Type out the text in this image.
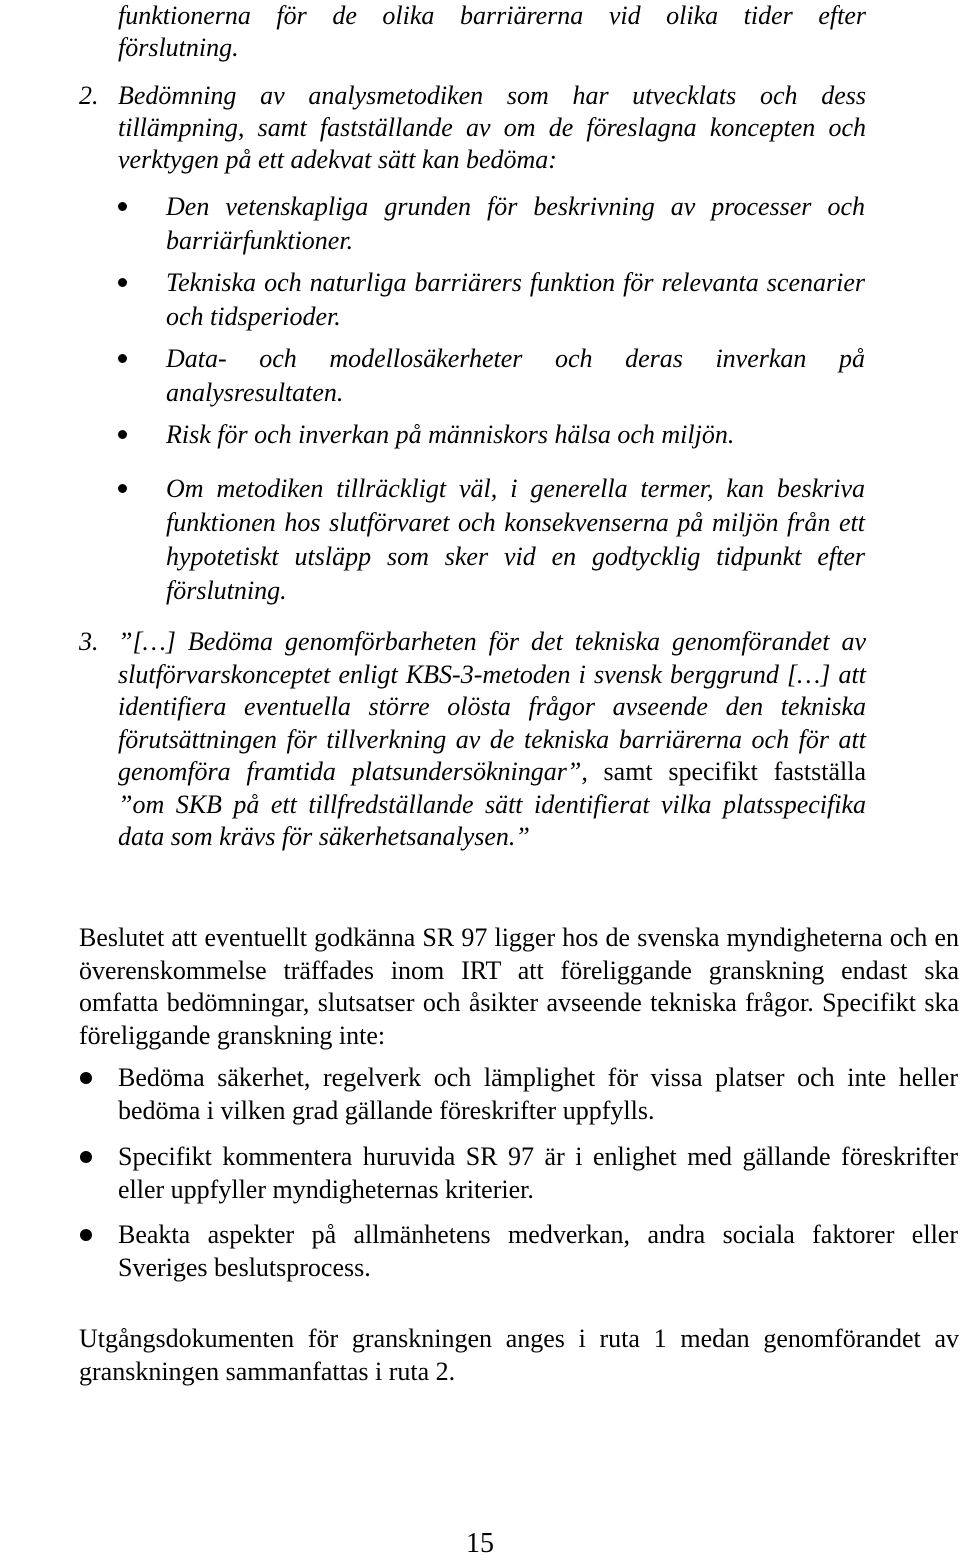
funktionerna för de olika barriärerna vid olika tider efter
förslutning.
2. Bedömning av analysmetodiken som har utvecklats och dess tillämpning, samt fastställande av om de föreslagna koncepten och verktygen på ett adekvat sätt kan bedöma:
Den vetenskapliga grunden för beskrivning av processer och barriärfunktioner.
Tekniska och naturliga barriärers funktion för relevanta scenarier och tidsperioder.
Data- och modellosäkerheter och deras inverkan på analysresultaten.
Risk för och inverkan på människors hälsa och miljön.
Om metodiken tillräckligt väl, i generella termer, kan beskriva funktionen hos slutförvaret och konsekvenserna på miljön från ett hypotetiskt utsläpp som sker vid en godtycklig tidpunkt efter förslutning.
3. ”[…] Bedöma genomförbarheten för det tekniska genomförandet av slutförvarskonceptet enligt KBS-3-metoden i svensk berggrund […] att identifiera eventuella större olösta frågor avseende den tekniska förutsättningen för tillverkning av de tekniska barriärerna och för att genomföra framtida platsundersökningar”, samt specifikt fastställa ”om SKB på ett tillfredställande sätt identifierat vilka platsspecifika data som krävs för säkerhetsanalysen.”

Beslutet att eventuellt godkänna SR 97 ligger hos de svenska myndigheterna och en överenskommelse träffades inom IRT att föreliggande granskning endast ska omfatta bedömningar, slutsatser och åsikter avseende tekniska frågor. Specifikt ska föreliggande granskning inte:

Bedöma säkerhet, regelverk och lämplighet för vissa platser och inte heller bedöma i vilken grad gällande föreskrifter uppfylls.
Specifikt kommentera huruvida SR 97 är i enlighet med gällande föreskrifter eller uppfyller myndigheternas kriterier.
Beakta aspekter på allmänhetens medverkan, andra sociala faktorer eller Sveriges beslutsprocess.

Utgångsdokumenten för granskningen anges i ruta 1 medan genomförandet av granskningen sammanfattas i ruta 2.

15
